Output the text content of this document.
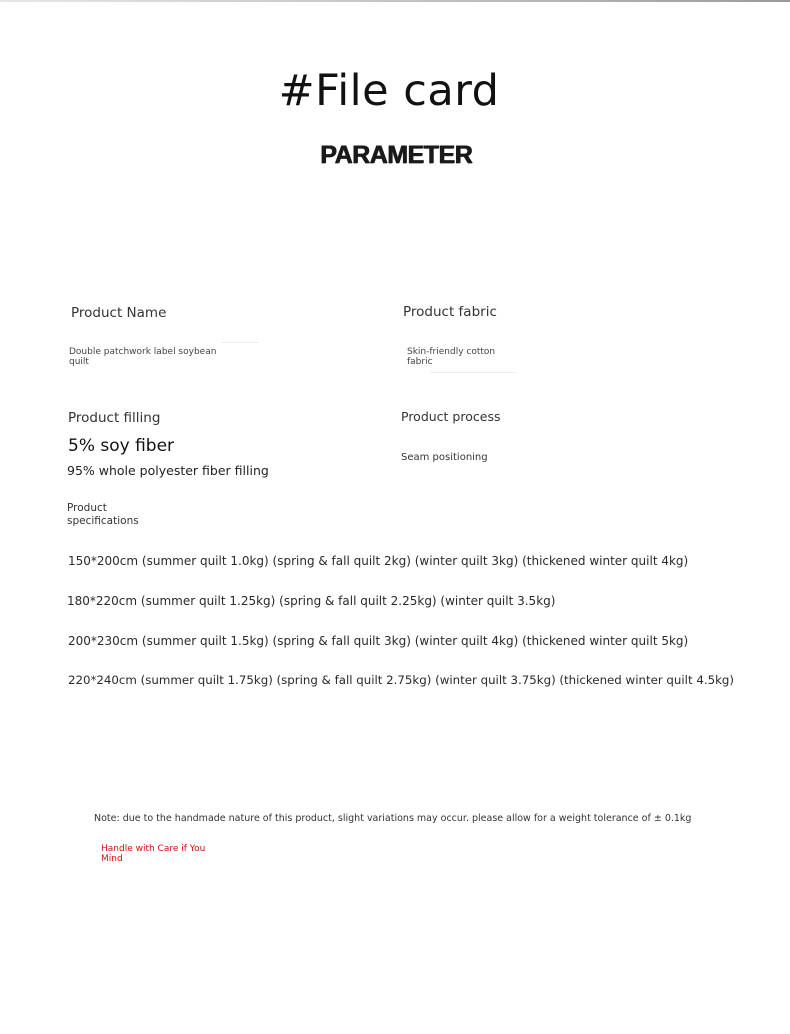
#File card
PARAMETER
Product Name
Double patchwork label soybean quilt
Product fabric
Skin-friendly cotton fabric
Product filling
5% soy fiber
95% whole polyester fiber filling
Product process
Seam positioning
Product specifications
150*200cm (summer quilt 1.0kg) (spring & fall quilt 2kg) (winter quilt 3kg) (thickened winter quilt 4kg)
180*220cm (summer quilt 1.25kg) (spring & fall quilt 2.25kg) (winter quilt 3.5kg)
200*230cm (summer quilt 1.5kg) (spring & fall quilt 3kg) (winter quilt 4kg) (thickened winter quilt 5kg)
220*240cm (summer quilt 1.75kg) (spring & fall quilt 2.75kg) (winter quilt 3.75kg) (thickened winter quilt 4.5kg)
Note: due to the handmade nature of this product, slight variations may occur. please allow for a weight tolerance of ± 0.1kg
Handle with Care if You Mind
